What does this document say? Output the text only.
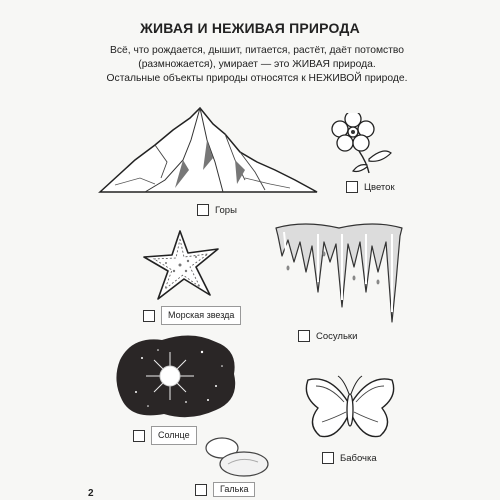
ЖИВАЯ И НЕЖИВАЯ ПРИРОДА
Всё, что рождается, дышит, питается, растёт, даёт потомство (размножается), умирает — это ЖИВАЯ природа.
Остальные объекты природы относятся к НЕЖИВОЙ природе.
Горы
Цветок
Морская звезда
Сосульки
Солнце
Бабочка
Галька
2
